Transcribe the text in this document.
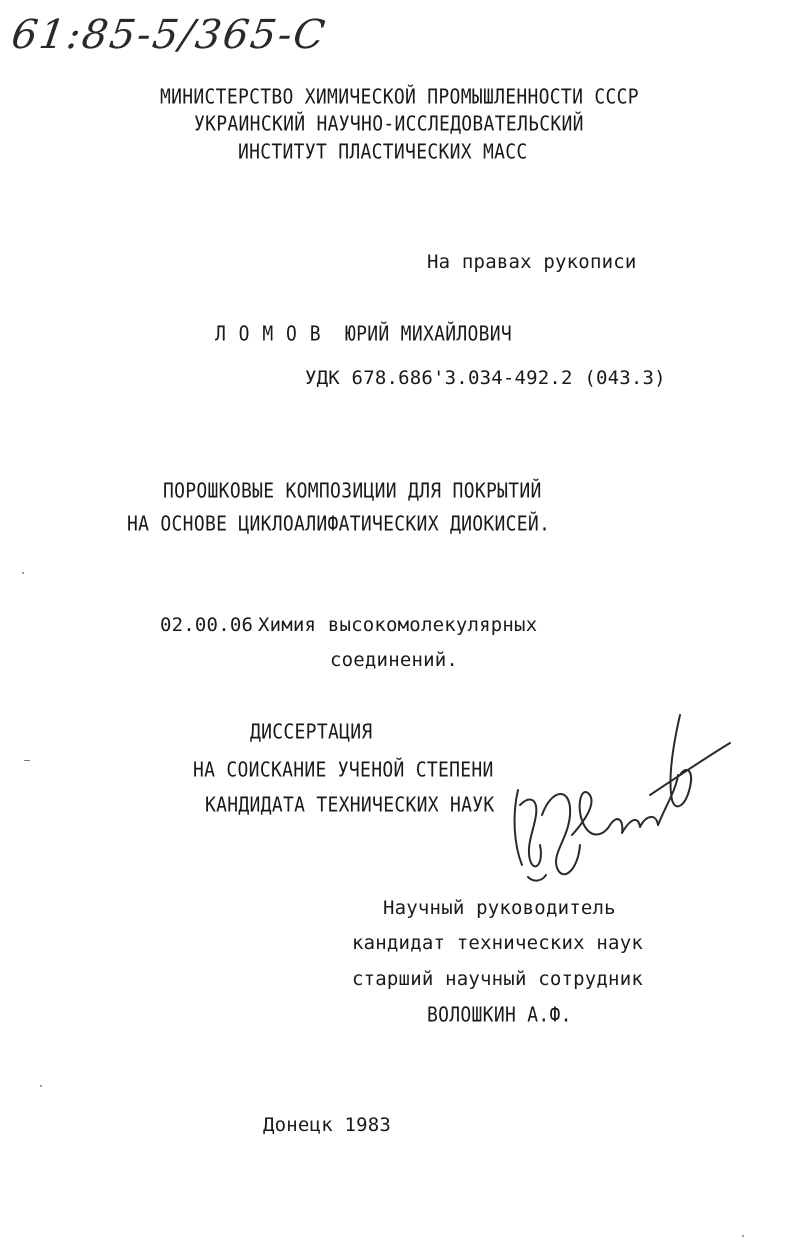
61:85-5/365-С
МИНИСТЕРСТВО ХИМИЧЕСКОЙ ПРОМЫШЛЕННОСТИ СССР
УКРАИНСКИЙ НАУЧНО-ИССЛЕДОВАТЕЛЬСКИЙ
ИНСТИТУТ ПЛАСТИЧЕСКИХ МАСС
На правах рукописи
Л О М О В ЮРИЙ МИХАЙЛОВИЧ
УДК 678.686'3.034-492.2 (043.3)
ПОРОШКОВЫЕ КОМПОЗИЦИИ ДЛЯ ПОКРЫТИЙ
НА ОСНОВЕ ЦИКЛОАЛИФАТИЧЕСКИХ ДИОКИСЕЙ.
02.00.06 Химия высокомолекулярных
соединений.
ДИССЕРТАЦИЯ
НА СОИСКАНИЕ УЧЕНОЙ СТЕПЕНИ
КАНДИДАТА ТЕХНИЧЕСКИХ НАУК
Научный руководитель
кандидат технических наук
старший научный сотрудник
ВОЛОШКИН А.Ф.
Донецк 1983
